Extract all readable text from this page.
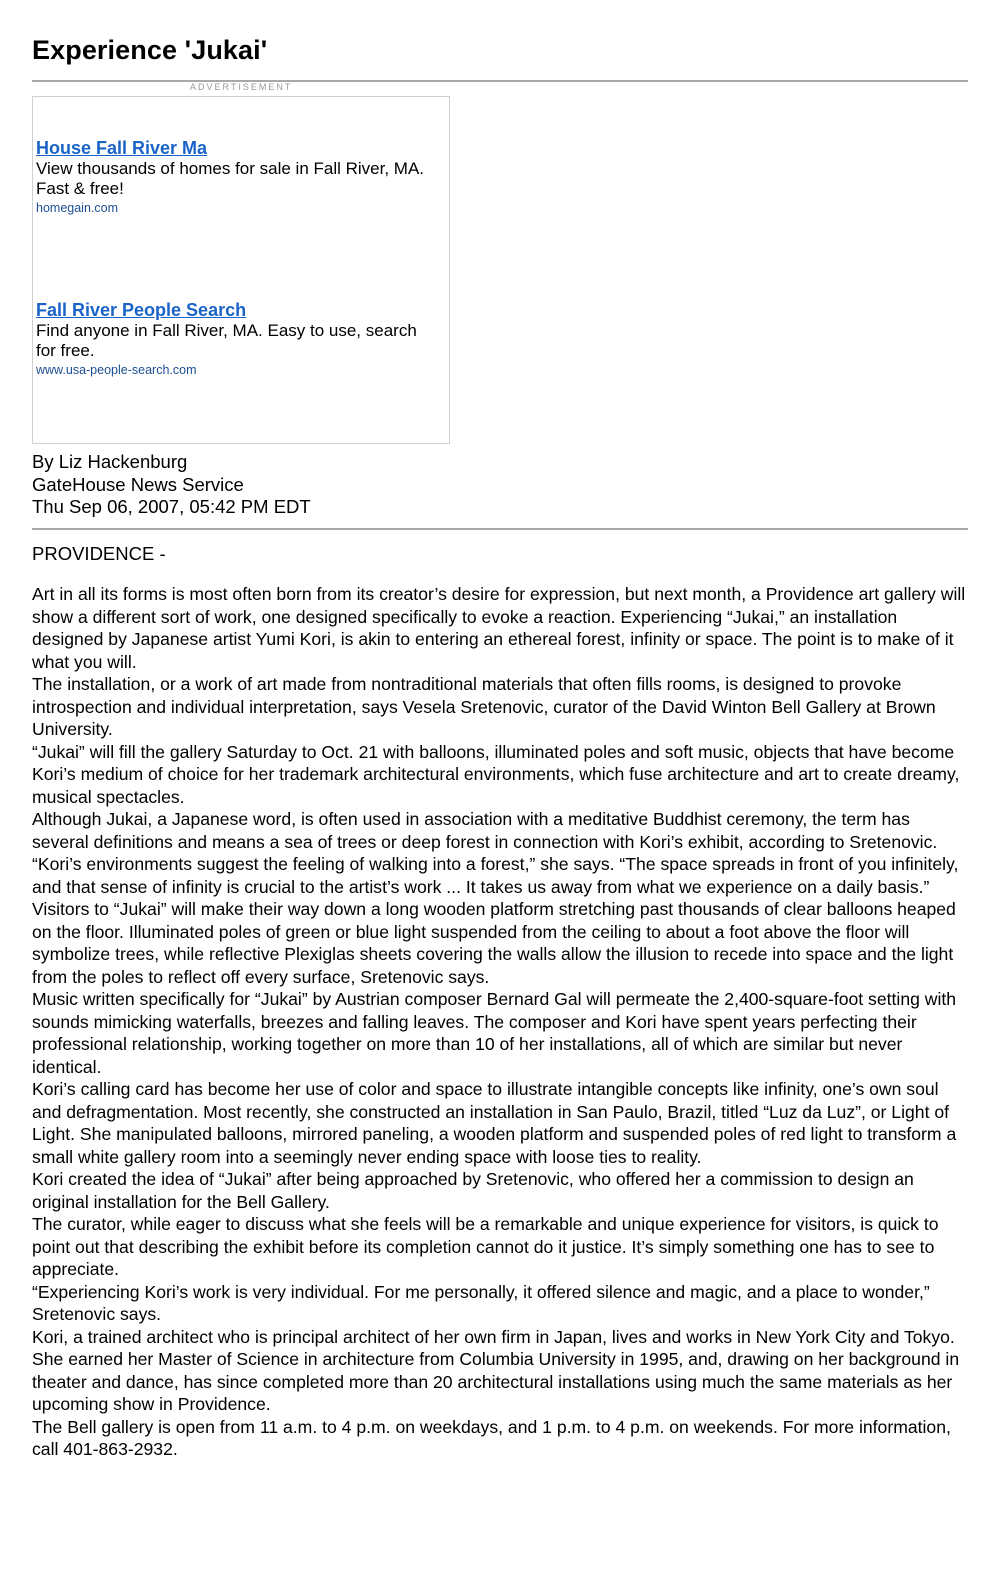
Experience 'Jukai'
ADVERTISEMENT
House Fall River Ma
View thousands of homes for sale in Fall River, MA. Fast & free!
homegain.com
Fall River People Search
Find anyone in Fall River, MA. Easy to use, search for free.
www.usa-people-search.com
By Liz Hackenburg
GateHouse News Service
Thu Sep 06, 2007, 05:42 PM EDT
PROVIDENCE -

Art in all its forms is most often born from its creator’s desire for expression, but next month, a Providence art gallery will show a different sort of work, one designed specifically to evoke a reaction. Experiencing “Jukai,” an installation designed by Japanese artist Yumi Kori, is akin to entering an ethereal forest, infinity or space. The point is to make of it what you will.

The installation, or a work of art made from nontraditional materials that often fills rooms, is designed to provoke introspection and individual interpretation, says Vesela Sretenovic, curator of the David Winton Bell Gallery at Brown University.

“Jukai” will fill the gallery Saturday to Oct. 21 with balloons, illuminated poles and soft music, objects that have become Kori’s medium of choice for her trademark architectural environments, which fuse architecture and art to create dreamy, musical spectacles.

Although Jukai, a Japanese word, is often used in association with a meditative Buddhist ceremony, the term has several definitions and means a sea of trees or deep forest in connection with Kori’s exhibit, according to Sretenovic.

“Kori’s environments suggest the feeling of walking into a forest,” she says. “The space spreads in front of you infinitely, and that sense of infinity is crucial to the artist’s work ... It takes us away from what we experience on a daily basis.”

Visitors to “Jukai” will make their way down a long wooden platform stretching past thousands of clear balloons heaped on the floor. Illuminated poles of green or blue light suspended from the ceiling to about a foot above the floor will symbolize trees, while reflective Plexiglas sheets covering the walls allow the illusion to recede into space and the light from the poles to reflect off every surface, Sretenovic says.

Music written specifically for “Jukai” by Austrian composer Bernard Gal will permeate the 2,400-square-foot setting with sounds mimicking waterfalls, breezes and falling leaves. The composer and Kori have spent years perfecting their professional relationship, working together on more than 10 of her installations, all of which are similar but never identical.

Kori’s calling card has become her use of color and space to illustrate intangible concepts like infinity, one’s own soul and defragmentation. Most recently, she constructed an installation in San Paulo, Brazil, titled “Luz da Luz”, or Light of Light. She manipulated balloons, mirrored paneling, a wooden platform and suspended poles of red light to transform a small white gallery room into a seemingly never ending space with loose ties to reality.

Kori created the idea of “Jukai” after being approached by Sretenovic, who offered her a commission to design an original installation for the Bell Gallery.

The curator, while eager to discuss what she feels will be a remarkable and unique experience for visitors, is quick to point out that describing the exhibit before its completion cannot do it justice. It’s simply something one has to see to appreciate.

“Experiencing Kori’s work is very individual. For me personally, it offered silence and magic, and a place to wonder,” Sretenovic says.

Kori, a trained architect who is principal architect of her own firm in Japan, lives and works in New York City and Tokyo. She earned her Master of Science in architecture from Columbia University in 1995, and, drawing on her background in theater and dance, has since completed more than 20 architectural installations using much the same materials as her upcoming show in Providence.

The Bell gallery is open from 11 a.m. to 4 p.m. on weekdays, and 1 p.m. to 4 p.m. on weekends. For more information, call 401-863-2932.
